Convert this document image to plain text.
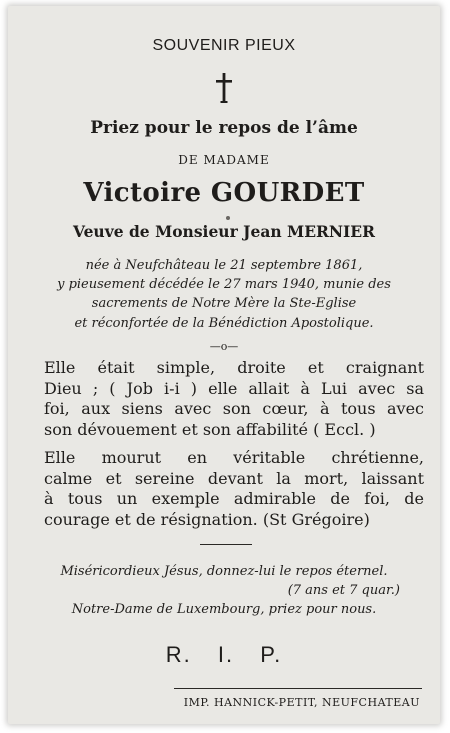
SOUVENIR PIEUX
Priez pour le repos de l’âme
DE MADAME
Victoire GOURDET
Veuve de Monsieur Jean MERNIER
née à Neufchâteau le 21 septembre 1861,
y pieusement décédée le 27 mars 1940, munie des
sacrements de Notre Mère la Ste-Eglise
et réconfortée de la Bénédiction Apostolique.
—o—
Elle était simple, droite et craignant
Dieu ; ( Job i-i ) elle allait à Lui avec sa
foi, aux siens avec son cœur, à tous avec
son dévouement et son affabilité ( Eccl. )
Elle mourut en véritable chrétienne,
calme et sereine devant la mort, laissant
à tous un exemple admirable de foi, de
courage et de résignation. (St Grégoire)
Miséricordieux Jésus, donnez-lui le repos éternel.
(7 ans et 7 quar.)
Notre-Dame de Luxembourg, priez pour nous.
R. I. P.
IMP. HANNICK-PETIT, NEUFCHATEAU
